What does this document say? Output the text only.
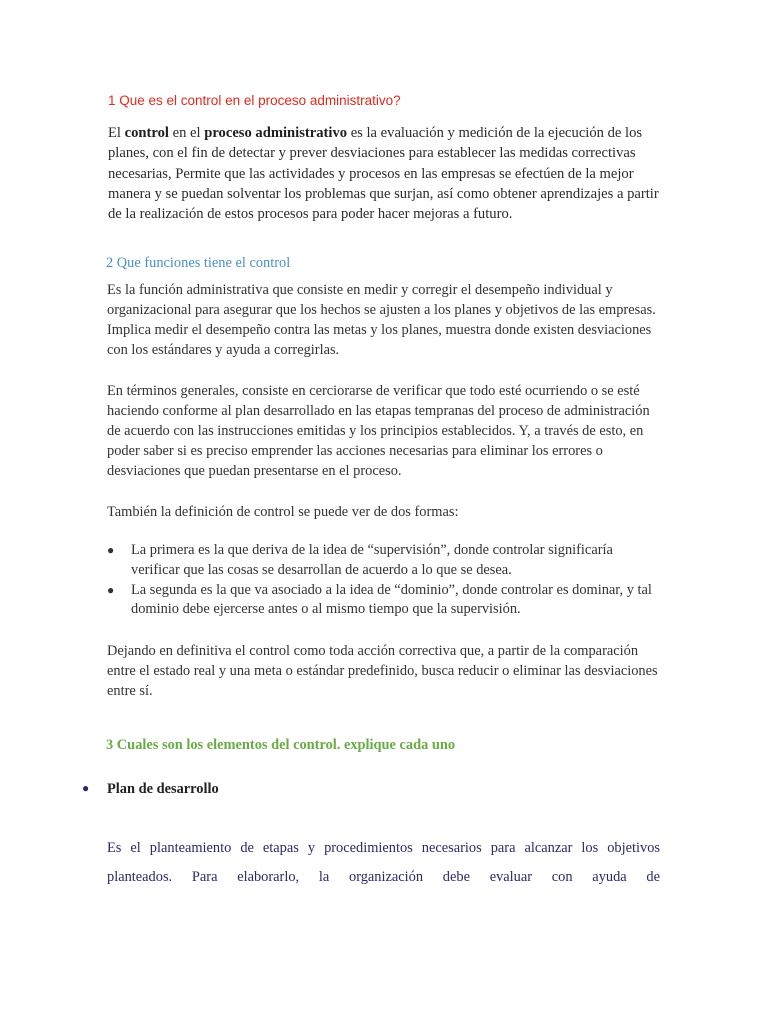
1 Que es el control en el proceso administrativo?
El control en el proceso administrativo es la evaluación y medición de la ejecución de los planes, con el fin de detectar y prever desviaciones para establecer las medidas correctivas necesarias, Permite que las actividades y procesos en las empresas se efectúen de la mejor manera y se puedan solventar los problemas que surjan, así como obtener aprendizajes a partir de la realización de estos procesos para poder hacer mejoras a futuro.
2 Que funciones tiene el control

Es la función administrativa que consiste en medir y corregir el desempeño individual y organizacional para asegurar que los hechos se ajusten a los planes y objetivos de las empresas. Implica medir el desempeño contra las metas y los planes, muestra donde existen desviaciones con los estándares y ayuda a corregirlas.

En términos generales, consiste en cerciorarse de verificar que todo esté ocurriendo o se esté haciendo conforme al plan desarrollado en las etapas tempranas del proceso de administración de acuerdo con las instrucciones emitidas y los principios establecidos. Y, a través de esto, en poder saber si es preciso emprender las acciones necesarias para eliminar los errores o desviaciones que puedan presentarse en el proceso.

También la definición de control se puede ver de dos formas:

● La primera es la que deriva de la idea de “supervisión”, donde controlar significaría verificar que las cosas se desarrollan de acuerdo a lo que se desea.
● La segunda es la que va asociado a la idea de “dominio”, donde controlar es dominar, y tal dominio debe ejercerse antes o al mismo tiempo que la supervisión.

Dejando en definitiva el control como toda acción correctiva que, a partir de la comparación entre el estado real y una meta o estándar predefinido, busca reducir o eliminar las desviaciones entre sí.

3 Cuales son los elementos del control. explique cada uno
● Plan de desarrollo
Es el planteamiento de etapas y procedimientos necesarios para alcanzar los objetivos planteados. Para elaborarlo, la organización debe evaluar con ayuda de
